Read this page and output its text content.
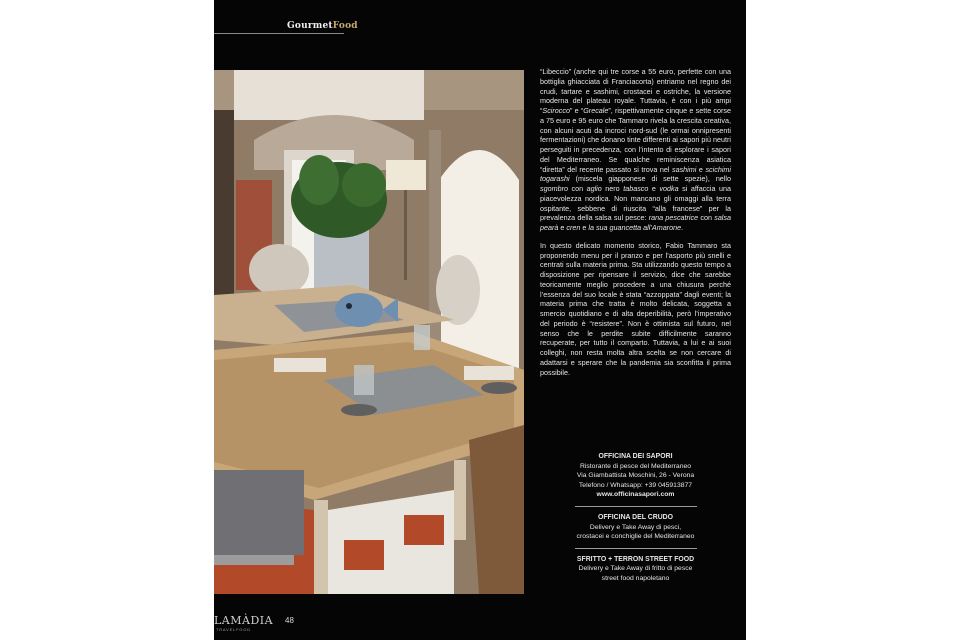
GourmetFood

“Libeccio” (anche qui tre corse a 55 euro, perfette con una bottiglia ghiacciata di Franciacorta) entriamo nel regno dei crudi, tartare e sashimi, crostacei e ostriche, la versione moderna del plateau royale. Tuttavia, è con i più ampi “Scirocco” e “Grecale”, rispettivamente cinque e sette corse a 75 euro e 95 euro che Tammaro rivela la crescita creativa, con alcuni acuti da incroci nord-sud (le ormai onnipresenti fermentazioni) che donano tinte differenti ai sapori più neutri perseguiti in precedenza, con l’intento di esplorare i sapori del Mediterraneo. Se qualche reminiscenza asiatica “diretta” del recente passato si trova nel sashimi e scichimi togarashi (miscela giapponese di sette spezie), nello sgombro con aglio nero tabasco e vodka si affaccia una piacevolezza nordica. Non mancano gli omaggi alla terra ospitante, sebbene di riuscita “alla francese” per la prevalenza della salsa sul pesce: rana pescatrice con salsa pearà e cren e la sua guancetta all’Amarone.

In questo delicato momento storico, Fabio Tammaro sta proponendo menu per il pranzo e per l’asporto più snelli e centrati sulla materia prima. Sta utilizzando questo tempo a disposizione per ripensare il servizio, dice che sarebbe teoricamente meglio procedere a una chiusura perché l’essenza del suo locale è stata “azzoppata” dagli eventi; la materia prima che tratta è molto delicata, soggetta a smercio quotidiano e di alta deperibilità, però l’imperativo del periodo è “resistere”. Non è ottimista sul futuro, nel senso che le perdite subite difficilmente saranno recuperate, per tutto il comparto. Tuttavia, a lui e ai suoi colleghi, non resta molta altra scelta se non cercare di adattarsi e sperare che la pandemia sia sconfitta il prima possibile.

OFFICINA DEI SAPORI
Ristorante di pesce del Mediterraneo
Via Giambattista Moschini, 26 - Verona
Telefono / Whatsapp: +39 045913877
www.officinasapori.com
OFFICINA DEL CRUDO
Delivery e Take Away di pesci,
crostacei e conchiglie del Mediterraneo
SFRITTO + TERRON STREET FOOD
Delivery e Take Away di fritto di pesce
street food napoletano
LAMÀDIA
TRAVELFOOD
48
